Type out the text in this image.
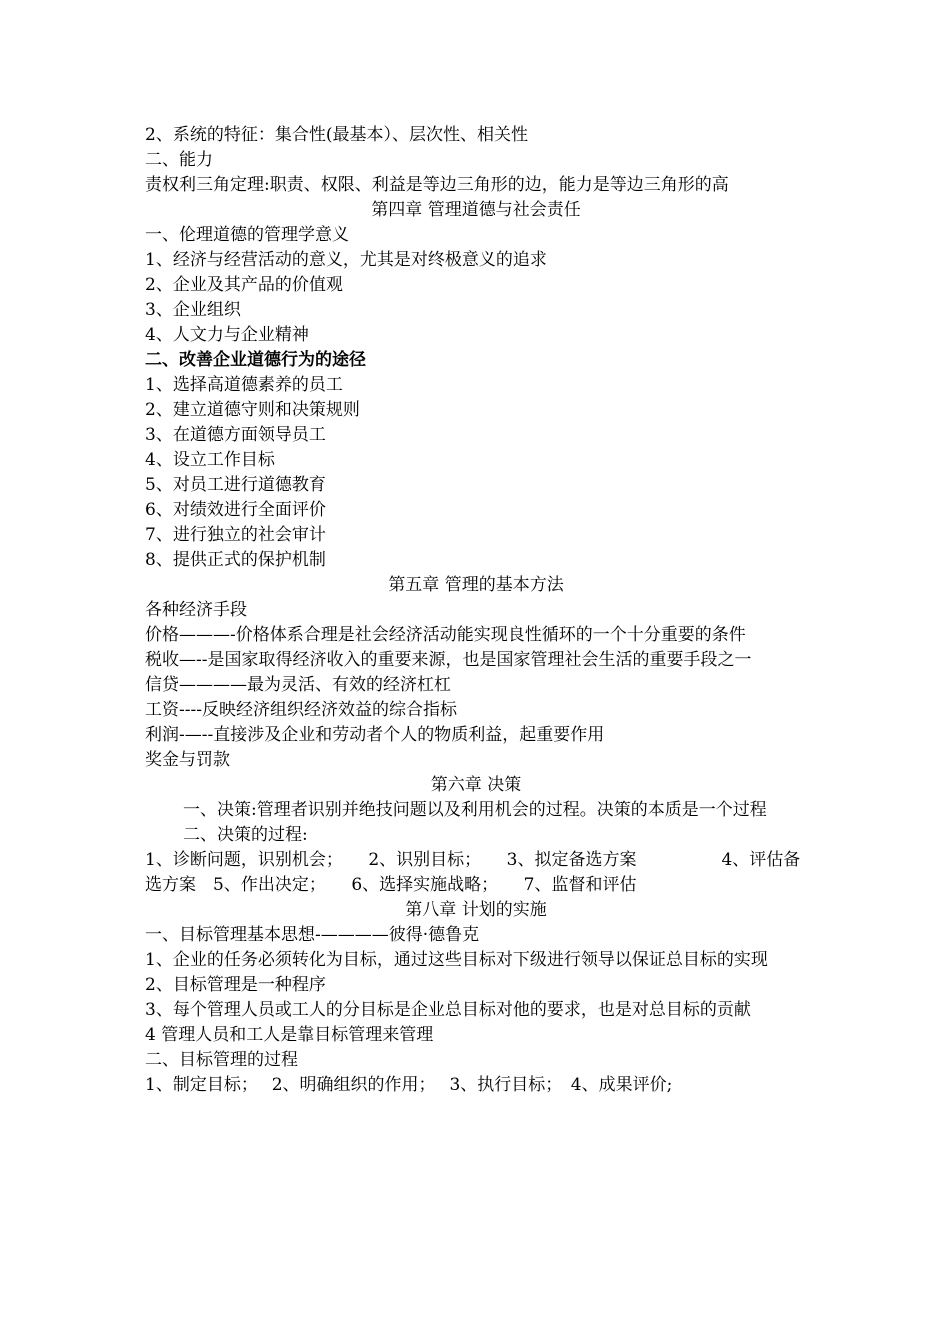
2、系统的特征：集合性(最基本）、层次性、相关性
二、能力
责权利三角定理:职责、权限、利益是等边三角形的边，能力是等边三角形的高
第四章 管理道德与社会责任
一、伦理道德的管理学意义
1、经济与经营活动的意义，尤其是对终极意义的追求
2、企业及其产品的价值观
3、企业组织
4、人文力与企业精神
二、改善企业道德行为的途径
1、选择高道德素养的员工
2、建立道德守则和决策规则
3、在道德方面领导员工
4、设立工作目标
5、对员工进行道德教育
6、对绩效进行全面评价
7、进行独立的社会审计
8、提供正式的保护机制
第五章 管理的基本方法
各种经济手段
价格———-价格体系合理是社会经济活动能实现良性循环的一个十分重要的条件
税收—--是国家取得经济收入的重要来源，也是国家管理社会生活的重要手段之一
信贷————最为灵活、有效的经济杠杠
工资----反映经济组织经济效益的综合指标
利润-—--直接涉及企业和劳动者个人的物质利益，起重要作用
奖金与罚款
第六章 决策
一、决策:管理者识别并绝技问题以及利用机会的过程。决策的本质是一个过程
二、决策的过程:
1、诊断问题，识别机会；　　2、识别目标；　　3、拟定备选方案　　　　　4、评估备选方案　5、作出决定；　　6、选择实施战略；　　7、监督和评估
第八章 计划的实施
一、目标管理基本思想-————彼得·德鲁克
1、企业的任务必须转化为目标，通过这些目标对下级进行领导以保证总目标的实现
2、目标管理是一种程序
3、每个管理人员或工人的分目标是企业总目标对他的要求，也是对总目标的贡献
4 管理人员和工人是靠目标管理来管理
二、目标管理的过程
1、制定目标；　 2、明确组织的作用；　 3、执行目标；　4、成果评价;
